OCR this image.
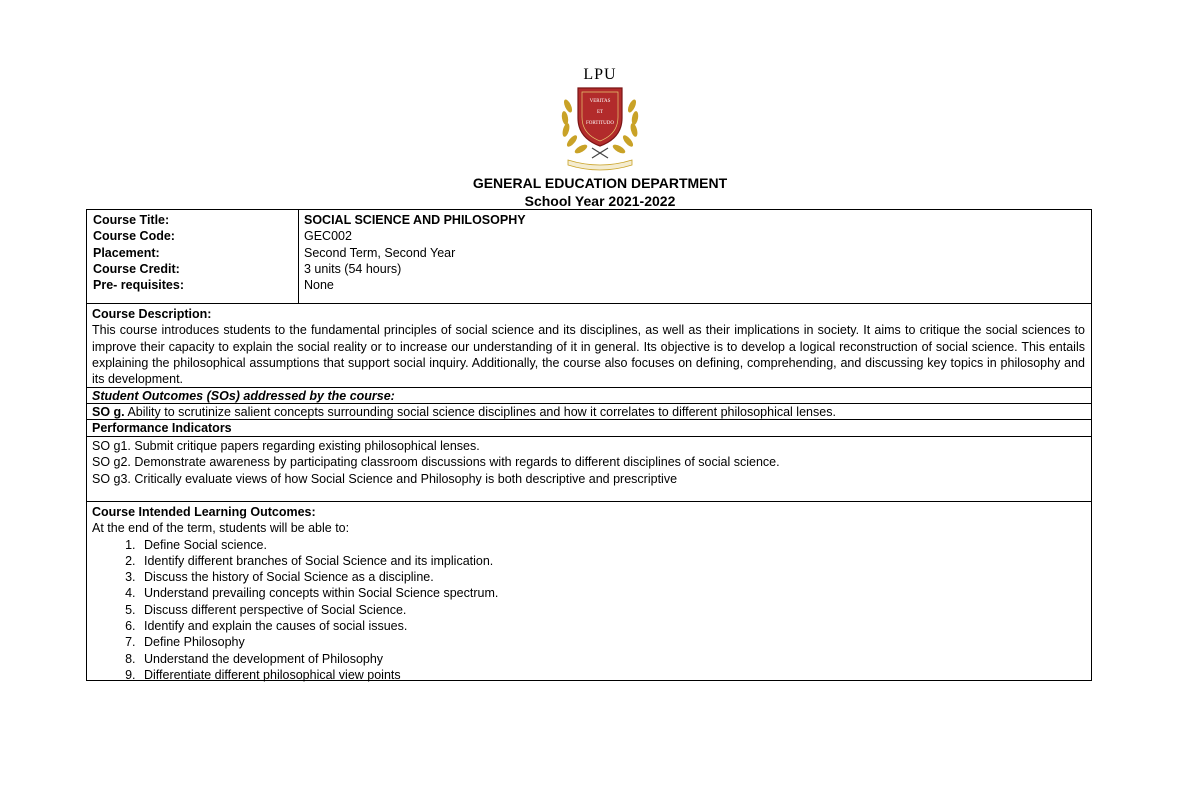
LPU
VERITAS
ET
FORTITUDO
GENERAL EDUCATION DEPARTMENT
School Year 2021-2022
Course Title:
Course Code:
Placement:
Course Credit:
Pre- requisites:
SOCIAL SCIENCE AND PHILOSOPHY
GEC002
Second Term, Second Year
3 units (54 hours)
None
Course Description:

This course introduces students to the fundamental principles of social science and its disciplines, as well as their implications in society. It aims to critique the social sciences to improve their capacity to explain the social reality or to increase our understanding of it in general. Its objective is to develop a logical reconstruction of social science. This entails explaining the philosophical assumptions that support social inquiry. Additionally, the course also focuses on defining, comprehending, and discussing key topics in philosophy and its development.

Student Outcomes (SOs) addressed by the course:
SO g. Ability to scrutinize salient concepts surrounding social science disciplines and how it correlates to different philosophical lenses.
Performance Indicators
SO g1. Submit critique papers regarding existing philosophical lenses.
SO g2. Demonstrate awareness by participating classroom discussions with regards to different disciplines of social science.
SO g3. Critically evaluate views of how Social Science and Philosophy is both descriptive and prescriptive
Course Intended Learning Outcomes:
At the end of the term, students will be able to:
1. Define Social science.
2. Identify different branches of Social Science and its implication.
3. Discuss the history of Social Science as a discipline.
4. Understand prevailing concepts within Social Science spectrum.
5. Discuss different perspective of Social Science.
6. Identify and explain the causes of social issues.
7. Define Philosophy
8. Understand the development of Philosophy
9. Differentiate different philosophical view points
